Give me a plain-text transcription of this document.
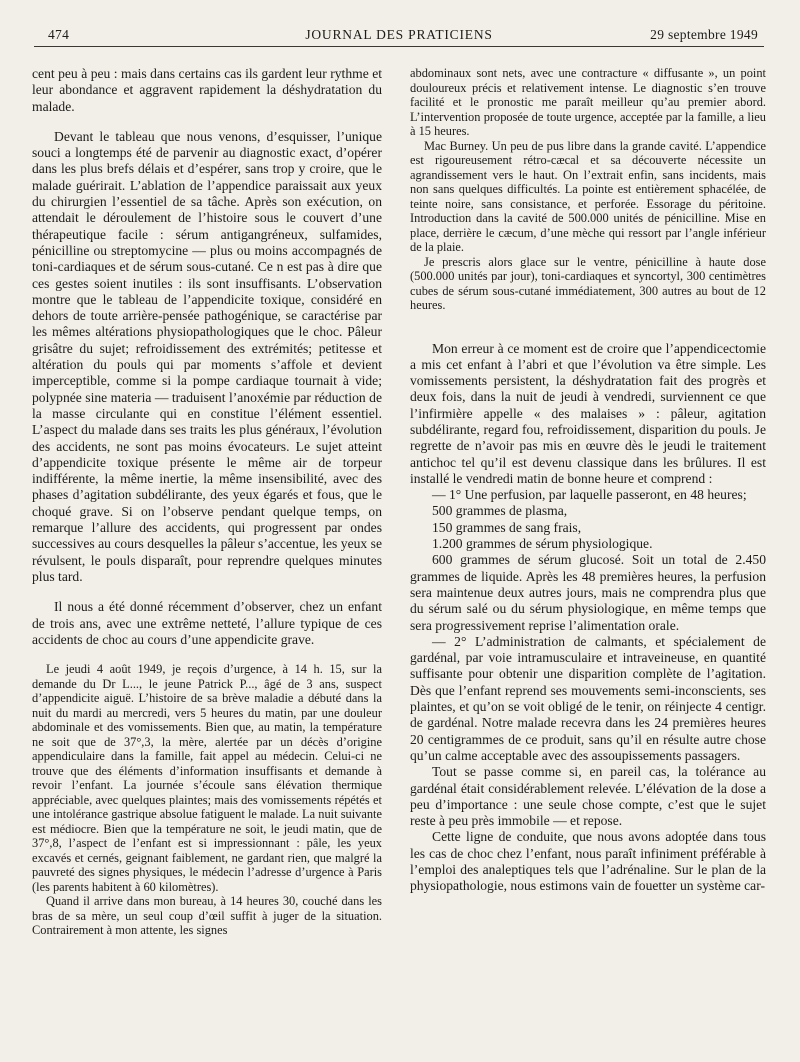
474	JOURNAL DES PRATICIENS	29 septembre 1949

cent peu à peu : mais dans certains cas ils gardent leur rythme et leur abondance et aggravent rapidement la déshydratation du malade.

Devant le tableau que nous venons, d’esquisser, l’unique souci a longtemps été de parvenir au diagnostic exact, d’opérer dans les plus brefs délais et d’espérer, sans trop y croire, que le malade guérirait. L’ablation de l’appendice paraissait aux yeux du chirurgien l’essentiel de sa tâche. Après son exécution, on attendait le déroulement de l’histoire sous le couvert d’une thérapeutique facile : sérum antigangréneux, sulfamides, pénicilline ou streptomycine — plus ou moins accompagnés de toni-cardiaques et de sérum sous-cutané. Ce n est pas à dire que ces gestes soient inutiles : ils sont insuffisants. L’observation montre que le tableau de l’appendicite toxique, considéré en dehors de toute arrière-pensée pathogénique, se caractérise par les mêmes altérations physiopathologiques que le choc. Pâleur grisâtre du sujet; refroidissement des extrémités; petitesse et altération du pouls qui par moments s’affole et devient imperceptible, comme si la pompe cardiaque tournait à vide; polypnée sine materia — traduisent l’anoxémie par réduction de la masse circulante qui en constitue l’élément essentiel. L’aspect du malade dans ses traits les plus généraux, l’évolution des accidents, ne sont pas moins évocateurs. Le sujet atteint d’appendicite toxique présente le même air de torpeur indifférente, la même inertie, la même insensibilité, avec des phases d’agitation subdélirante, des yeux égarés et fous, que le choqué grave. Si on l’observe pendant quelque temps, on remarque l’allure des accidents, qui progressent par ondes successives au cours desquelles la pâleur s’accentue, les yeux se révulsent, le pouls disparaît, pour reprendre quelques minutes plus tard.

Il nous a été donné récemment d’observer, chez un enfant de trois ans, avec une extrême netteté, l’allure typique de ces accidents de choc au cours d’une appendicite grave.

Le jeudi 4 août 1949, je reçois d’urgence, à 14 h. 15, sur la demande du Dr L..., le jeune Patrick P..., âgé de 3 ans, suspect d’appendicite aiguë. L’histoire de sa brève maladie a débuté dans la nuit du mardi au mercredi, vers 5 heures du matin, par une douleur abdominale et des vomissements. Bien que, au matin, la température ne soit que de 37°,3, la mère, alertée par un décès d’origine appendiculaire dans la famille, fait appel au médecin. Celui-ci ne trouve que des éléments d’information insuffisants et demande à revoir l’enfant. La journée s’écoule sans élévation thermique appréciable, avec quelques plaintes; mais des vomissements répétés et une intolérance gastrique absolue fatiguent le malade. La nuit suivante est médiocre. Bien que la température ne soit, le jeudi matin, que de 37°,8, l’aspect de l’enfant est si impressionnant : pâle, les yeux excavés et cernés, geignant faiblement, ne gardant rien, que malgré la pauvreté des signes physiques, le médecin l’adresse d’urgence à Paris (les parents habitent à 60 kilomètres).

Quand il arrive dans mon bureau, à 14 heures 30, couché dans les bras de sa mère, un seul coup d’œil suffit à juger de la situation. Contrairement à mon attente, les signes

abdominaux sont nets, avec une contracture « diffusante », un point douloureux précis et relativement intense. Le diagnostic s’en trouve facilité et le pronostic me paraît meilleur qu’au premier abord. L’intervention proposée de toute urgence, acceptée par la famille, a lieu à 15 heures.

Mac Burney. Un peu de pus libre dans la grande cavité. L’appendice est rigoureusement rétro-cæcal et sa découverte nécessite un agrandissement vers le haut. On l’extrait enfin, sans incidents, mais non sans quelques difficultés. La pointe est entièrement sphacélée, de teinte noire, sans consistance, et perforée. Essorage du péritoine. Introduction dans la cavité de 500.000 unités de pénicilline. Mise en place, derrière le cæcum, d’une mèche qui ressort par l’angle inférieur de la plaie.

Je prescris alors glace sur le ventre, pénicilline à haute dose (500.000 unités par jour), toni-cardiaques et syncortyl, 300 centimètres cubes de sérum sous-cutané immédiatement, 300 autres au bout de 12 heures.

Mon erreur à ce moment est de croire que l’appendicectomie a mis cet enfant à l’abri et que l’évolution va être simple. Les vomissements persistent, la déshydratation fait des progrès et deux fois, dans la nuit de jeudi à vendredi, surviennent ce que l’infirmière appelle « des malaises » : pâleur, agitation subdélirante, regard fou, refroidissement, disparition du pouls. Je regrette de n’avoir pas mis en œuvre dès le jeudi le traitement antichoc tel qu’il est devenu classique dans les brûlures. Il est installé le vendredi matin de bonne heure et comprend :

— 1° Une perfusion, par laquelle passeront, en 48 heures;

500 grammes de plasma,

150 grammes de sang frais,

1.200 grammes de sérum physiologique.

600 grammes de sérum glucosé. Soit un total de 2.450 grammes de liquide. Après les 48 premières heures, la perfusion sera maintenue deux autres jours, mais ne comprendra plus que du sérum salé ou du sérum physiologique, en même temps que sera progressivement reprise l’alimentation orale.

— 2° L’administration de calmants, et spécialement de gardénal, par voie intramusculaire et intraveineuse, en quantité suffisante pour obtenir une disparition complète de l’agitation. Dès que l’enfant reprend ses mouvements semi-inconscients, ses plaintes, et qu’on se voit obligé de le tenir, on réinjecte 4 centigr. de gardénal. Notre malade recevra dans les 24 premières heures 20 centigrammes de ce produit, sans qu’il en résulte autre chose qu’un calme acceptable avec des assoupissements passagers.

Tout se passe comme si, en pareil cas, la tolérance au gardénal était considérablement relevée. L’élévation de la dose a peu d’importance : une seule chose compte, c’est que le sujet reste à peu près immobile — et repose.

Cette ligne de conduite, que nous avons adoptée dans tous les cas de choc chez l’enfant, nous paraît infiniment préférable à l’emploi des analeptiques tels que l’adrénaline. Sur le plan de la physiopathologie, nous estimons vain de fouetter un système car-
